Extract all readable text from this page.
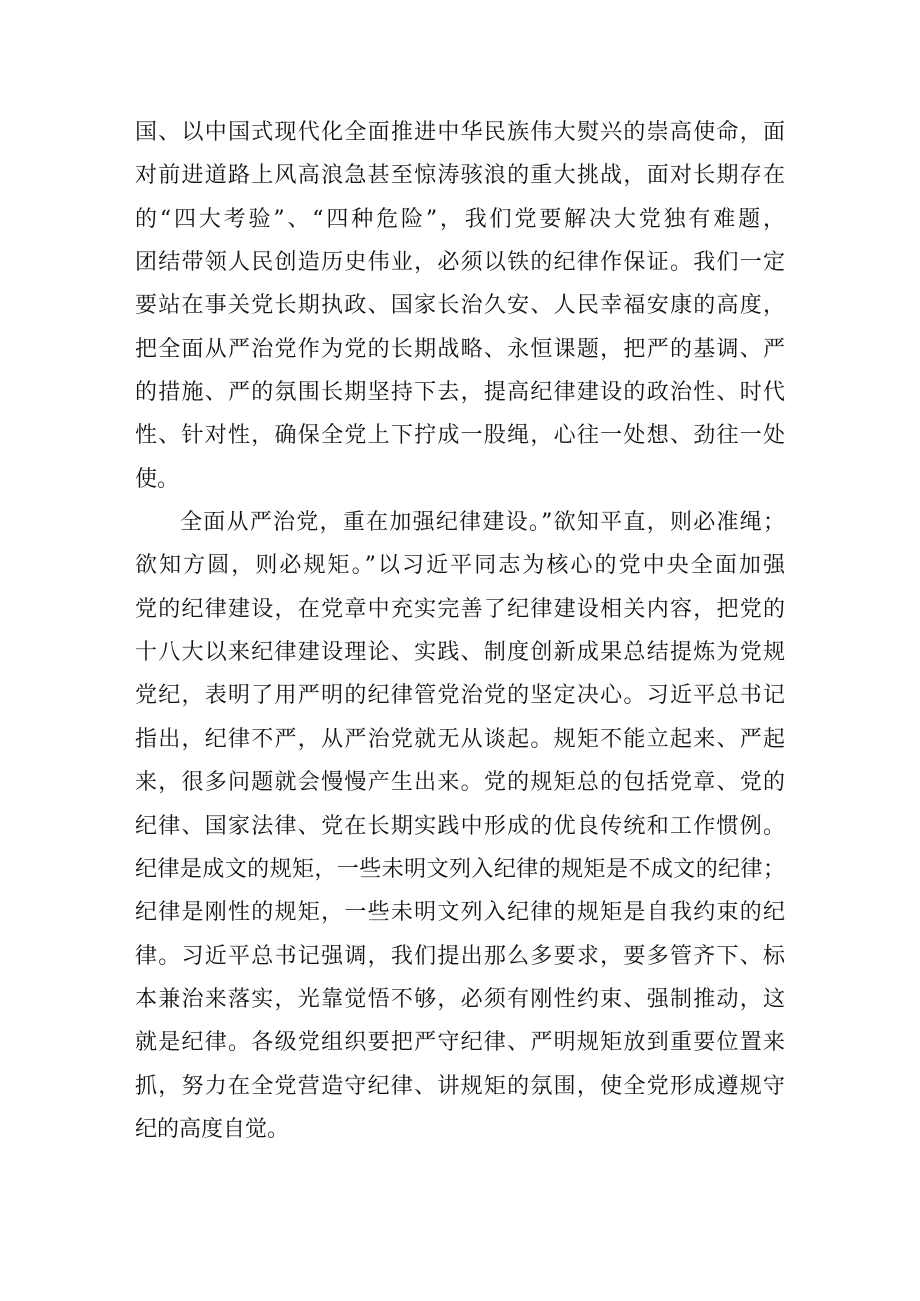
国、以中国式现代化全面推进中华民族伟大熨兴的崇高使命，面
对前进道路上风高浪急甚至惊涛骇浪的重大挑战，面对长期存在
的“四大考验”、“四种危险”，我们党要解决大党独有难题，
团结带领人民创造历史伟业，必须以铁的纪律作保证。我们一定
要站在事关党长期执政、国家长治久安、人民幸福安康的高度，
把全面从严治党作为党的长期战略、永恒课题，把严的基调、严
的措施、严的氛围长期坚持下去，提高纪律建设的政治性、时代
性、针对性，确保全党上下拧成一股绳，心往一处想、劲往一处
使。
全面从严治党，重在加强纪律建设。”欲知平直，则必准绳；
欲知方圆，则必规矩。”以习近平同志为核心的党中央全面加强
党的纪律建设，在党章中充实完善了纪律建设相关内容，把党的
十八大以来纪律建设理论、实践、制度创新成果总结提炼为党规
党纪，表明了用严明的纪律管党治党的坚定决心。习近平总书记
指出，纪律不严，从严治党就无从谈起。规矩不能立起来、严起
来，很多问题就会慢慢产生出来。党的规矩总的包括党章、党的
纪律、国家法律、党在长期实践中形成的优良传统和工作惯例。
纪律是成文的规矩，一些未明文列入纪律的规矩是不成文的纪律；
纪律是刚性的规矩，一些未明文列入纪律的规矩是自我约束的纪
律。习近平总书记强调，我们提出那么多要求，要多管齐下、标
本兼治来落实，光靠觉悟不够，必须有刚性约束、强制推动，这
就是纪律。各级党组织要把严守纪律、严明规矩放到重要位置来
抓，努力在全党营造守纪律、讲规矩的氛围，使全党形成遵规守
纪的高度自觉。
